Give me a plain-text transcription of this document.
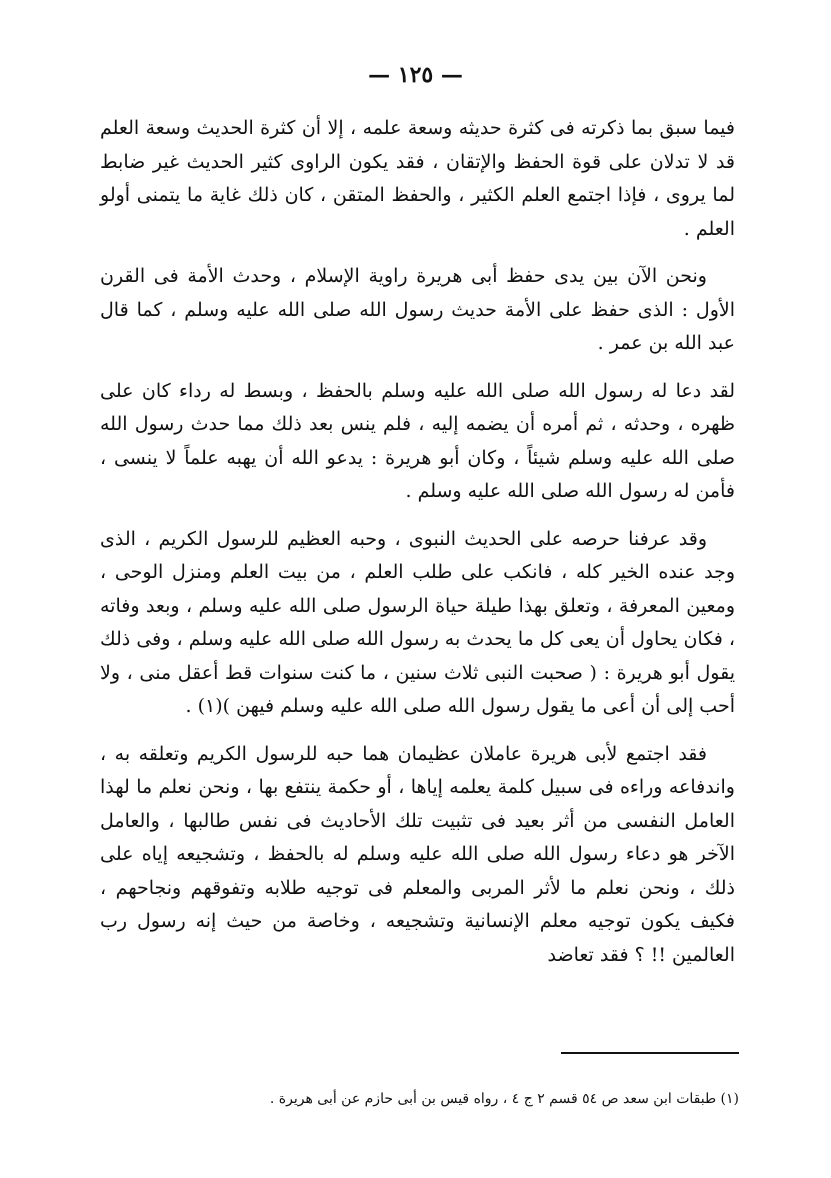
— ١٢٥ —

فيما سبق بما ذكرته فى كثرة حديثه وسعة علمه ، إلا أن كثرة الحديث وسعة العلم قد لا تدلان على قوة الحفظ والإتقان ، فقد يكون الراوى كثير الحديث غير ضابط لما يروى ، فإذا اجتمع العلم الكثير ، والحفظ المتقن ، كان ذلك غاية ما يتمنى أولو العلم .

ونحن الآن بين يدى حفظ أبى هريرة راوية الإسلام ، وحدث الأمة فى القرن الأول : الذى حفظ على الأمة حديث رسول الله صلى الله عليه وسلم ، كما قال عبد الله بن عمر .

لقد دعا له رسول الله صلى الله عليه وسلم بالحفظ ، وبسط له رداء كان على ظهره ، وحدثه ، ثم أمره أن يضمه إليه ، فلم ينس بعد ذلك مما حدث رسول الله صلى الله عليه وسلم شيئاً ، وكان أبو هريرة : يدعو الله أن يهبه علماً لا ينسى ، فأمن له رسول الله صلى الله عليه وسلم .

وقد عرفنا حرصه على الحديث النبوى ، وحبه العظيم للرسول الكريم ، الذى وجد عنده الخير كله ، فانكب على طلب العلم ، من بيت العلم ومنزل الوحى ، ومعين المعرفة ، وتعلق بهذا طيلة حياة الرسول صلى الله عليه وسلم ، وبعد وفاته ، فكان يحاول أن يعى كل ما يحدث به رسول الله صلى الله عليه وسلم ، وفى ذلك يقول أبو هريرة : ( صحبت النبى ثلاث سنين ، ما كنت سنوات قط أعقل منى ، ولا أحب إلى أن أعى ما يقول رسول الله صلى الله عليه وسلم فيهن )(١) .

فقد اجتمع لأبى هريرة عاملان عظيمان هما حبه للرسول الكريم وتعلقه به ، واندفاعه وراءه فى سبيل كلمة يعلمه إياها ، أو حكمة ينتفع بها ، ونحن نعلم ما لهذا العامل النفسى من أثر بعيد فى تثبيت تلك الأحاديث فى نفس طالبها ، والعامل الآخر هو دعاء رسول الله صلى الله عليه وسلم له بالحفظ ، وتشجيعه إياه على ذلك ، ونحن نعلم ما لأثر المربى والمعلم فى توجيه طلابه وتفوقهم ونجاحهم ، فكيف يكون توجيه معلم الإنسانية وتشجيعه ، وخاصة من حيث إنه رسول رب العالمين !! ؟ فقد تعاضد

(١) طبقات ابن سعد ص ٥٤ قسم ٢ ج ٤ ، رواه قيس بن أبى حازم عن أبى هريرة .
